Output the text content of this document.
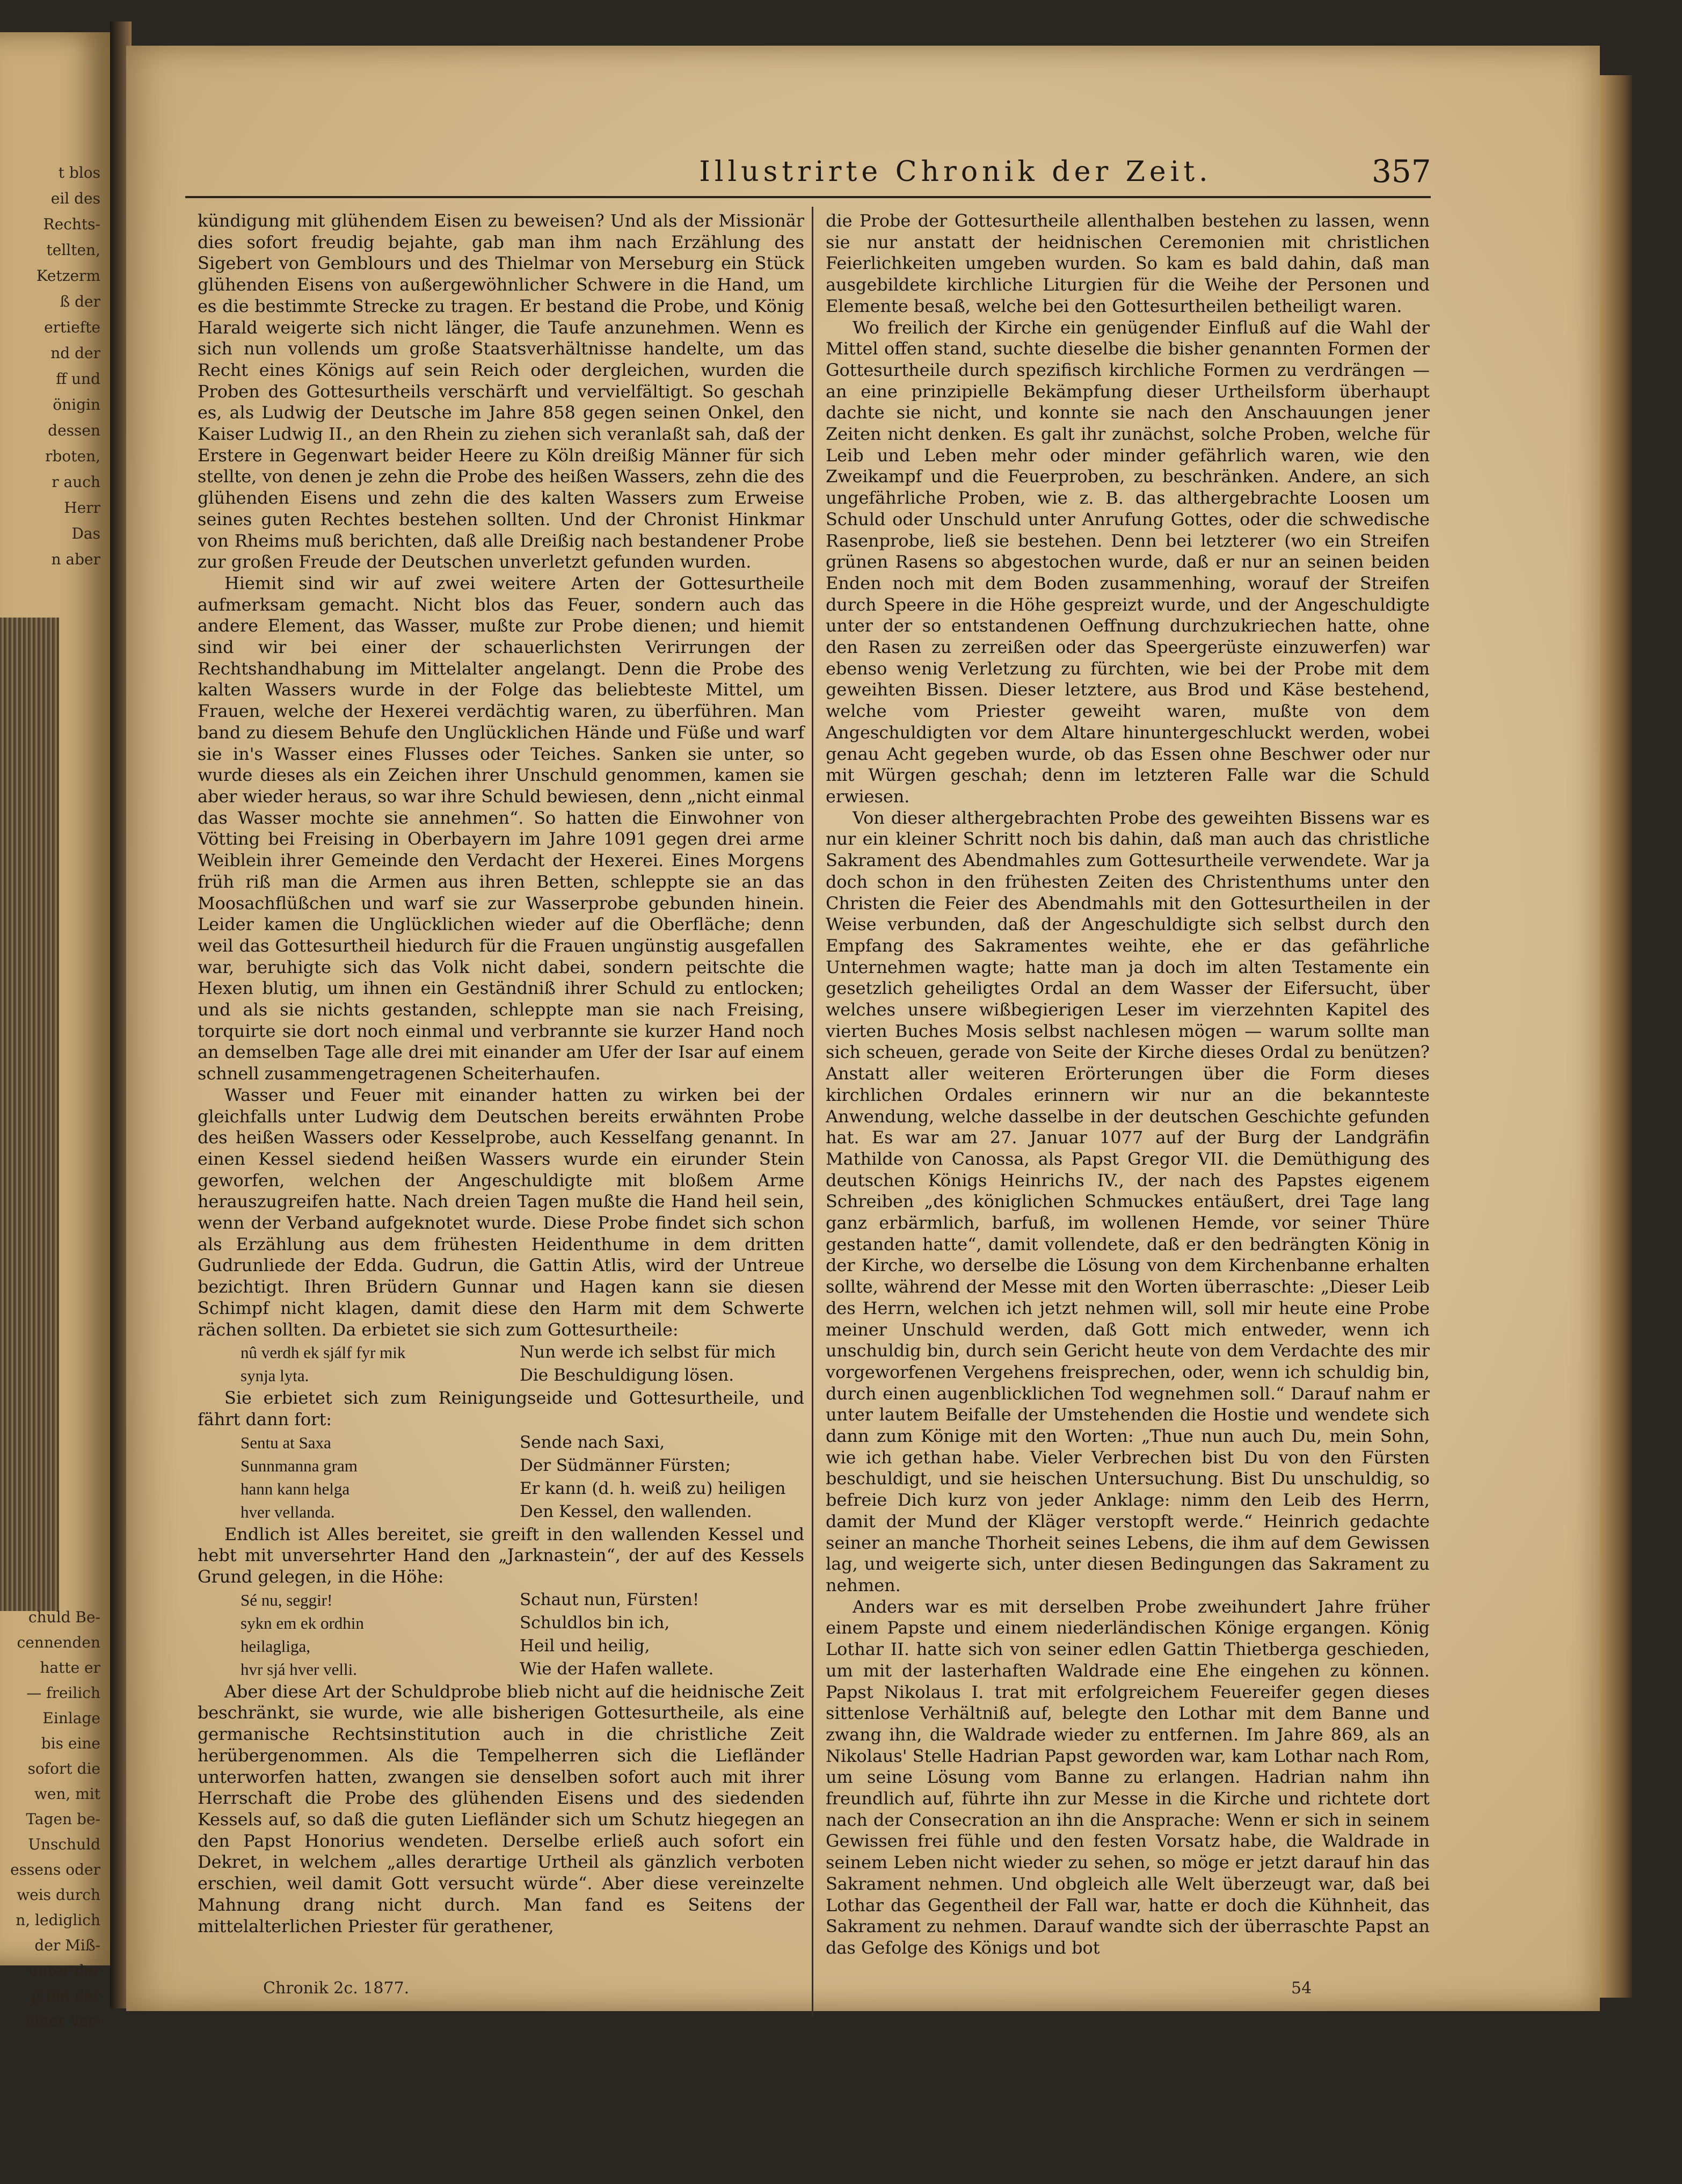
t blos
eil des
Rechts-
tellten,
Ketzerm
ß der
ertiefte
nd der
ff und
önigin
dessen
rboten,
r auch
Herr
Das
n aber
chuld Be-
cennenden
hatte er
— freilich
Einlage
bis eine
sofort die
wen, mit
Tagen be-
Unschuld
essens oder
weis durch
n, lediglich
der Miß-
unter der
g ihn der
einer Ver-
Illustrirte Chronik der Zeit.	357

kündigung mit glühendem Eisen zu beweisen? Und als der Missionär dies sofort freudig bejahte, gab man ihm nach Erzählung des Sigebert von Gemblours und des Thielmar von Merseburg ein Stück glühenden Eisens von außergewöhnlicher Schwere in die Hand, um es die bestimmte Strecke zu tragen. Er bestand die Probe, und König Harald weigerte sich nicht länger, die Taufe anzunehmen. Wenn es sich nun vollends um große Staatsverhältnisse handelte, um das Recht eines Königs auf sein Reich oder dergleichen, wurden die Proben des Gottesurtheils verschärft und vervielfältigt. So geschah es, als Ludwig der Deutsche im Jahre 858 gegen seinen Onkel, den Kaiser Ludwig II., an den Rhein zu ziehen sich veranlaßt sah, daß der Erstere in Gegenwart beider Heere zu Köln dreißig Männer für sich stellte, von denen je zehn die Probe des heißen Wassers, zehn die des glühenden Eisens und zehn die des kalten Wassers zum Erweise seines guten Rechtes bestehen sollten. Und der Chronist Hinkmar von Rheims muß berichten, daß alle Dreißig nach bestandener Probe zur großen Freude der Deutschen unverletzt gefunden wurden.

Hiemit sind wir auf zwei weitere Arten der Gottesurtheile aufmerksam gemacht. Nicht blos das Feuer, sondern auch das andere Element, das Wasser, mußte zur Probe dienen; und hiemit sind wir bei einer der schauerlichsten Verirrungen der Rechtshandhabung im Mittelalter angelangt. Denn die Probe des kalten Wassers wurde in der Folge das beliebteste Mittel, um Frauen, welche der Hexerei verdächtig waren, zu überführen. Man band zu diesem Behufe den Unglücklichen Hände und Füße und warf sie in's Wasser eines Flusses oder Teiches. Sanken sie unter, so wurde dieses als ein Zeichen ihrer Unschuld genommen, kamen sie aber wieder heraus, so war ihre Schuld bewiesen, denn „nicht einmal das Wasser mochte sie annehmen“. So hatten die Einwohner von Vötting bei Freising in Oberbayern im Jahre 1091 gegen drei arme Weiblein ihrer Gemeinde den Verdacht der Hexerei. Eines Morgens früh riß man die Armen aus ihren Betten, schleppte sie an das Moosachflüßchen und warf sie zur Wasserprobe gebunden hinein. Leider kamen die Unglücklichen wieder auf die Oberfläche; denn weil das Gottesurtheil hiedurch für die Frauen ungünstig ausgefallen war, beruhigte sich das Volk nicht dabei, sondern peitschte die Hexen blutig, um ihnen ein Geständniß ihrer Schuld zu entlocken; und als sie nichts gestanden, schleppte man sie nach Freising, torquirte sie dort noch einmal und verbrannte sie kurzer Hand noch an demselben Tage alle drei mit einander am Ufer der Isar auf einem schnell zusammengetragenen Scheiterhaufen.

Wasser und Feuer mit einander hatten zu wirken bei der gleichfalls unter Ludwig dem Deutschen bereits erwähnten Probe des heißen Wassers oder Kesselprobe, auch Kesselfang genannt. In einen Kessel siedend heißen Wassers wurde ein eirunder Stein geworfen, welchen der Angeschuldigte mit bloßem Arme herauszugreifen hatte. Nach dreien Tagen mußte die Hand heil sein, wenn der Verband aufgeknotet wurde. Diese Probe findet sich schon als Erzählung aus dem frühesten Heidenthume in dem dritten Gudrunliede der Edda. Gudrun, die Gattin Atlis, wird der Untreue bezichtigt. Ihren Brüdern Gunnar und Hagen kann sie diesen Schimpf nicht klagen, damit diese den Harm mit dem Schwerte rächen sollten. Da erbietet sie sich zum Gottesurtheile:

nû verdh ek sjálf fyr mik	Nun werde ich selbst für mich
synja lyta.	Die Beschuldigung lösen.

Sie erbietet sich zum Reinigungseide und Gottesurtheile, und fährt dann fort:

Sentu at Saxa	Sende nach Saxi,
Sunnmanna gram	Der Südmänner Fürsten;
hann kann helga	Er kann (d. h. weiß zu) heiligen
hver vellanda.	Den Kessel, den wallenden.

Endlich ist Alles bereitet, sie greift in den wallenden Kessel und hebt mit unversehrter Hand den „Jarknastein“, der auf des Kessels Grund gelegen, in die Höhe:

Sé nu, seggir!	Schaut nun, Fürsten!
sykn em ek ordhin	Schuldlos bin ich,
heilagliga,	Heil und heilig,
hvr sjá hver velli.	Wie der Hafen wallete.

Aber diese Art der Schuldprobe blieb nicht auf die heidnische Zeit beschränkt, sie wurde, wie alle bisherigen Gottesurtheile, als eine germanische Rechtsinstitution auch in die christliche Zeit herübergenommen. Als die Tempelherren sich die Liefländer unterworfen hatten, zwangen sie denselben sofort auch mit ihrer Herrschaft die Probe des glühenden Eisens und des siedenden Kessels auf, so daß die guten Liefländer sich um Schutz hiegegen an den Papst Honorius wendeten. Derselbe erließ auch sofort ein Dekret, in welchem „alles derartige Urtheil als gänzlich verboten erschien, weil damit Gott versucht würde“. Aber diese vereinzelte Mahnung drang nicht durch. Man fand es Seitens der mittelalterlichen Priester für gerathener,

die Probe der Gottesurtheile allenthalben bestehen zu lassen, wenn sie nur anstatt der heidnischen Ceremonien mit christlichen Feierlichkeiten umgeben wurden. So kam es bald dahin, daß man ausgebildete kirchliche Liturgien für die Weihe der Personen und Elemente besaß, welche bei den Gottesurtheilen betheiligt waren.

Wo freilich der Kirche ein genügender Einfluß auf die Wahl der Mittel offen stand, suchte dieselbe die bisher genannten Formen der Gottesurtheile durch spezifisch kirchliche Formen zu verdrängen — an eine prinzipielle Bekämpfung dieser Urtheilsform überhaupt dachte sie nicht, und konnte sie nach den Anschauungen jener Zeiten nicht denken. Es galt ihr zunächst, solche Proben, welche für Leib und Leben mehr oder minder gefährlich waren, wie den Zweikampf und die Feuerproben, zu beschränken. Andere, an sich ungefährliche Proben, wie z. B. das althergebrachte Loosen um Schuld oder Unschuld unter Anrufung Gottes, oder die schwedische Rasenprobe, ließ sie bestehen. Denn bei letzterer (wo ein Streifen grünen Rasens so abgestochen wurde, daß er nur an seinen beiden Enden noch mit dem Boden zusammenhing, worauf der Streifen durch Speere in die Höhe gespreizt wurde, und der Angeschuldigte unter der so entstandenen Oeffnung durchzukriechen hatte, ohne den Rasen zu zerreißen oder das Speergerüste einzuwerfen) war ebenso wenig Verletzung zu fürchten, wie bei der Probe mit dem geweihten Bissen. Dieser letztere, aus Brod und Käse bestehend, welche vom Priester geweiht waren, mußte von dem Angeschuldigten vor dem Altare hinuntergeschluckt werden, wobei genau Acht gegeben wurde, ob das Essen ohne Beschwer oder nur mit Würgen geschah; denn im letzteren Falle war die Schuld erwiesen.

Von dieser althergebrachten Probe des geweihten Bissens war es nur ein kleiner Schritt noch bis dahin, daß man auch das christliche Sakrament des Abendmahles zum Gottesurtheile verwendete. War ja doch schon in den frühesten Zeiten des Christenthums unter den Christen die Feier des Abendmahls mit den Gottesurtheilen in der Weise verbunden, daß der Angeschuldigte sich selbst durch den Empfang des Sakramentes weihte, ehe er das gefährliche Unternehmen wagte; hatte man ja doch im alten Testamente ein gesetzlich geheiligtes Ordal an dem Wasser der Eifersucht, über welches unsere wißbegierigen Leser im vierzehnten Kapitel des vierten Buches Mosis selbst nachlesen mögen — warum sollte man sich scheuen, gerade von Seite der Kirche dieses Ordal zu benützen? Anstatt aller weiteren Erörterungen über die Form dieses kirchlichen Ordales erinnern wir nur an die bekannteste Anwendung, welche dasselbe in der deutschen Geschichte gefunden hat. Es war am 27. Januar 1077 auf der Burg der Landgräfin Mathilde von Canossa, als Papst Gregor VII. die Demüthigung des deutschen Königs Heinrichs IV., der nach des Papstes eigenem Schreiben „des königlichen Schmuckes entäußert, drei Tage lang ganz erbärmlich, barfuß, im wollenen Hemde, vor seiner Thüre gestanden hatte“, damit vollendete, daß er den bedrängten König in der Kirche, wo derselbe die Lösung von dem Kirchenbanne erhalten sollte, während der Messe mit den Worten überraschte: „Dieser Leib des Herrn, welchen ich jetzt nehmen will, soll mir heute eine Probe meiner Unschuld werden, daß Gott mich entweder, wenn ich unschuldig bin, durch sein Gericht heute von dem Verdachte des mir vorgeworfenen Vergehens freisprechen, oder, wenn ich schuldig bin, durch einen augenblicklichen Tod wegnehmen soll.“ Darauf nahm er unter lautem Beifalle der Umstehenden die Hostie und wendete sich dann zum Könige mit den Worten: „Thue nun auch Du, mein Sohn, wie ich gethan habe. Vieler Verbrechen bist Du von den Fürsten beschuldigt, und sie heischen Untersuchung. Bist Du unschuldig, so befreie Dich kurz von jeder Anklage: nimm den Leib des Herrn, damit der Mund der Kläger verstopft werde.“ Heinrich gedachte seiner an manche Thorheit seines Lebens, die ihm auf dem Gewissen lag, und weigerte sich, unter diesen Bedingungen das Sakrament zu nehmen.

Anders war es mit derselben Probe zweihundert Jahre früher einem Papste und einem niederländischen Könige ergangen. König Lothar II. hatte sich von seiner edlen Gattin Thietberga geschieden, um mit der lasterhaften Waldrade eine Ehe eingehen zu können. Papst Nikolaus I. trat mit erfolgreichem Feuereifer gegen dieses sittenlose Verhältniß auf, belegte den Lothar mit dem Banne und zwang ihn, die Waldrade wieder zu entfernen. Im Jahre 869, als an Nikolaus' Stelle Hadrian Papst geworden war, kam Lothar nach Rom, um seine Lösung vom Banne zu erlangen. Hadrian nahm ihn freundlich auf, führte ihn zur Messe in die Kirche und richtete dort nach der Consecration an ihn die Ansprache: Wenn er sich in seinem Gewissen frei fühle und den festen Vorsatz habe, die Waldrade in seinem Leben nicht wieder zu sehen, so möge er jetzt darauf hin das Sakrament nehmen. Und obgleich alle Welt überzeugt war, daß bei Lothar das Gegentheil der Fall war, hatte er doch die Kühnheit, das Sakrament zu nehmen. Darauf wandte sich der überraschte Papst an das Gefolge des Königs und bot

Chronik 2c. 1877.	54
